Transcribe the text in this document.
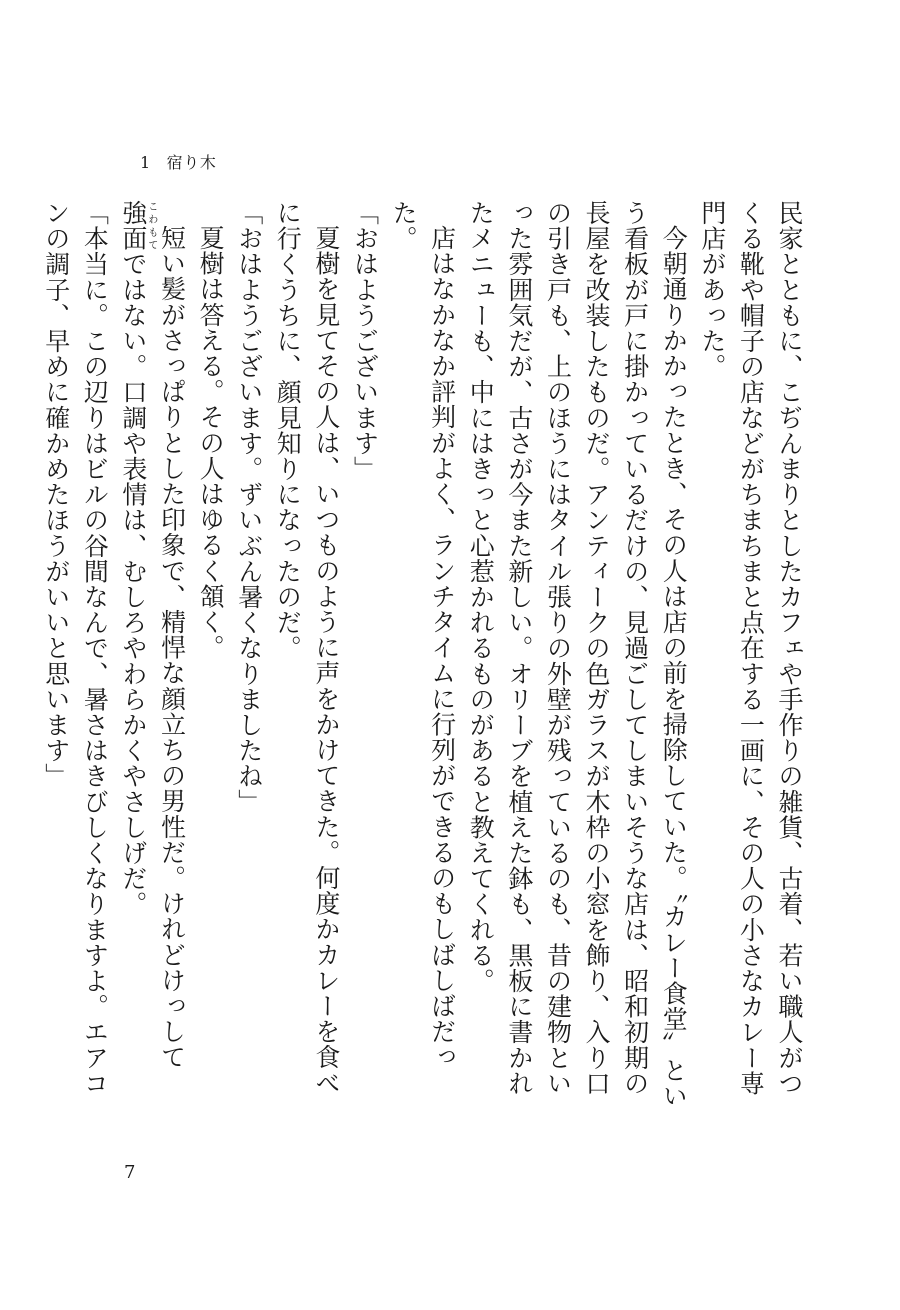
1 宿り木

民家とともに、こぢんまりとしたカフェや手作りの雑貨、古着、若い職人がつくる靴や帽子の店などがちまちまと点在する一画に、その人の小さなカレー専門店があった。

今朝通りかかったとき、その人は店の前を掃除していた。〝カレー食堂〟という看板が戸に掛かっているだけの、見過ごしてしまいそうな店は、昭和初期の長屋を改装したものだ。アンティークの色ガラスが木枠の小窓を飾り、入り口の引き戸も、上のほうにはタイル張りの外壁が残っているのも、昔の建物といった雰囲気だが、古さが今また新しい。オリーブを植えた鉢も、黒板に書かれたメニューも、中にはきっと心惹かれるものがあると教えてくれる。

店はなかなか評判がよく、ランチタイムに行列ができるのもしばしばだった。

「おはようございます」

夏樹を見てその人は、いつものように声をかけてきた。何度かカレーを食べに行くうちに、顔見知りになったのだ。

「おはようございます。ずいぶん暑くなりましたね」

夏樹は答える。その人はゆるく頷く。

短い髪がさっぱりとした印象で、精悍な顔立ちの男性だ。けれどけっして強面こわもてではない。口調や表情は、むしろやわらかくやさしげだ。

「本当に。この辺りはビルの谷間なんで、暑さはきびしくなりますよ。エアコンの調子、早めに確かめたほうがいいと思います」

7
